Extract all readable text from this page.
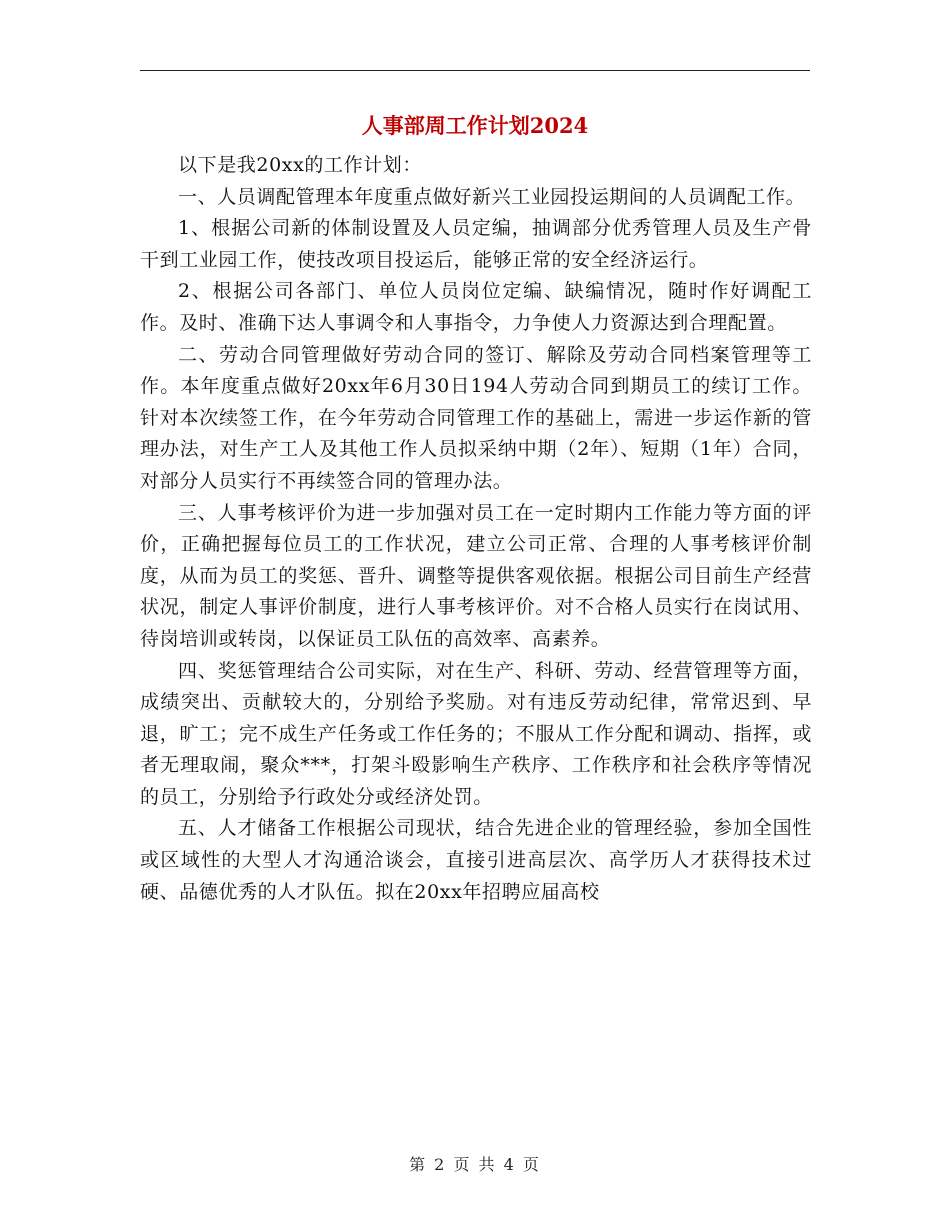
人事部周工作计划2024

以下是我20xx的工作计划：

一、人员调配管理本年度重点做好新兴工业园投运期间的人员调配工作。

1、根据公司新的体制设置及人员定编，抽调部分优秀管理人员及生产骨干到工业园工作，使技改项目投运后，能够正常的安全经济运行。

2、根据公司各部门、单位人员岗位定编、缺编情况，随时作好调配工作。及时、准确下达人事调令和人事指令，力争使人力资源达到合理配置。

二、劳动合同管理做好劳动合同的签订、解除及劳动合同档案管理等工作。本年度重点做好20xx年6月30日194人劳动合同到期员工的续订工作。针对本次续签工作，在今年劳动合同管理工作的基础上，需进一步运作新的管理办法，对生产工人及其他工作人员拟采纳中期（2年）、短期（1年）合同，对部分人员实行不再续签合同的管理办法。

三、人事考核评价为进一步加强对员工在一定时期内工作能力等方面的评价，正确把握每位员工的工作状况，建立公司正常、合理的人事考核评价制度，从而为员工的奖惩、晋升、调整等提供客观依据。根据公司目前生产经营状况，制定人事评价制度，进行人事考核评价。对不合格人员实行在岗试用、待岗培训或转岗，以保证员工队伍的高效率、高素养。

四、奖惩管理结合公司实际，对在生产、科研、劳动、经营管理等方面，成绩突出、贡献较大的，分别给予奖励。对有违反劳动纪律，常常迟到、早退，旷工；完不成生产任务或工作任务的；不服从工作分配和调动、指挥，或者无理取闹，聚众***，打架斗殴影响生产秩序、工作秩序和社会秩序等情况的员工，分别给予行政处分或经济处罚。

五、人才储备工作根据公司现状，结合先进企业的管理经验，参加全国性或区域性的大型人才沟通洽谈会，直接引进高层次、高学历人才获得技术过硬、品德优秀的人才队伍。拟在20xx年招聘应届高校

第 2 页 共 4 页
